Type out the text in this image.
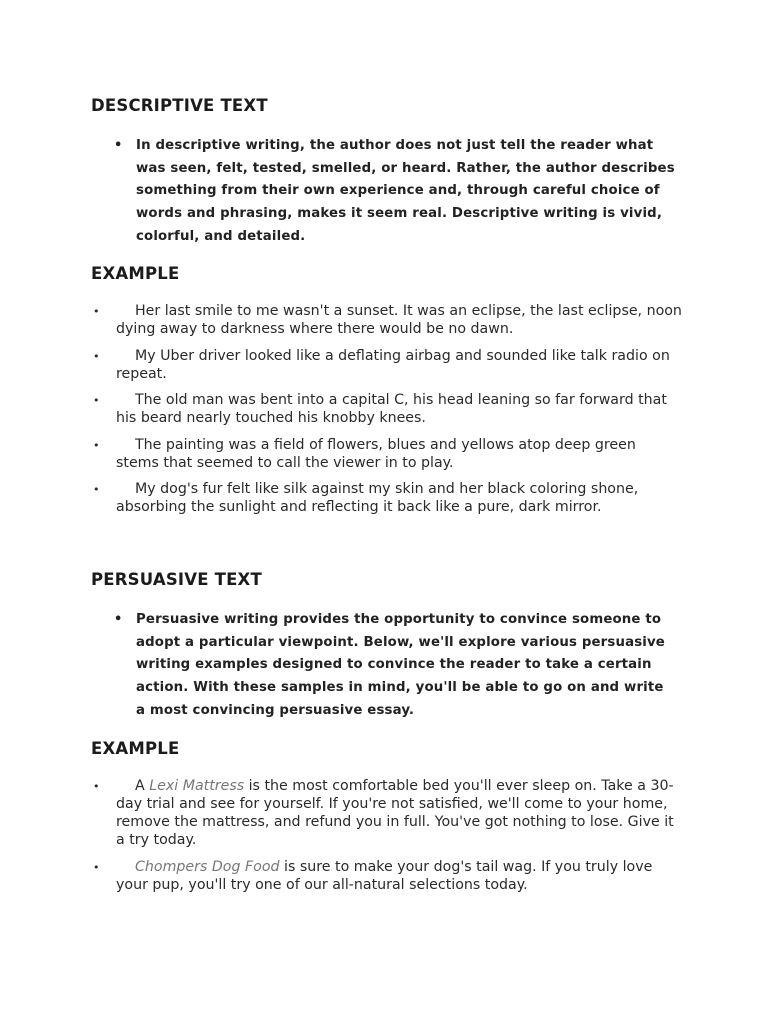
DESCRIPTIVE TEXT
• In descriptive writing, the author does not just tell the reader what was seen, felt, tested, smelled, or heard. Rather, the author describes something from their own experience and, through careful choice of words and phrasing, makes it seem real. Descriptive writing is vivid, colorful, and detailed.
EXAMPLE
•	Her last smile to me wasn't a sunset. It was an eclipse, the last eclipse, noon dying away to darkness where there would be no dawn.
•	My Uber driver looked like a deflating airbag and sounded like talk radio on repeat.
•	The old man was bent into a capital C, his head leaning so far forward that his beard nearly touched his knobby knees.
•	The painting was a field of flowers, blues and yellows atop deep green stems that seemed to call the viewer in to play.
•	My dog's fur felt like silk against my skin and her black coloring shone, absorbing the sunlight and reflecting it back like a pure, dark mirror.
PERSUASIVE TEXT
• Persuasive writing provides the opportunity to convince someone to adopt a particular viewpoint. Below, we'll explore various persuasive writing examples designed to convince the reader to take a certain action. With these samples in mind, you'll be able to go on and write a most convincing persuasive essay.
EXAMPLE
•	A Lexi Mattress is the most comfortable bed you'll ever sleep on. Take a 30-day trial and see for yourself. If you're not satisfied, we'll come to your home, remove the mattress, and refund you in full. You've got nothing to lose. Give it a try today.
•	Chompers Dog Food is sure to make your dog's tail wag. If you truly love your pup, you'll try one of our all-natural selections today.
